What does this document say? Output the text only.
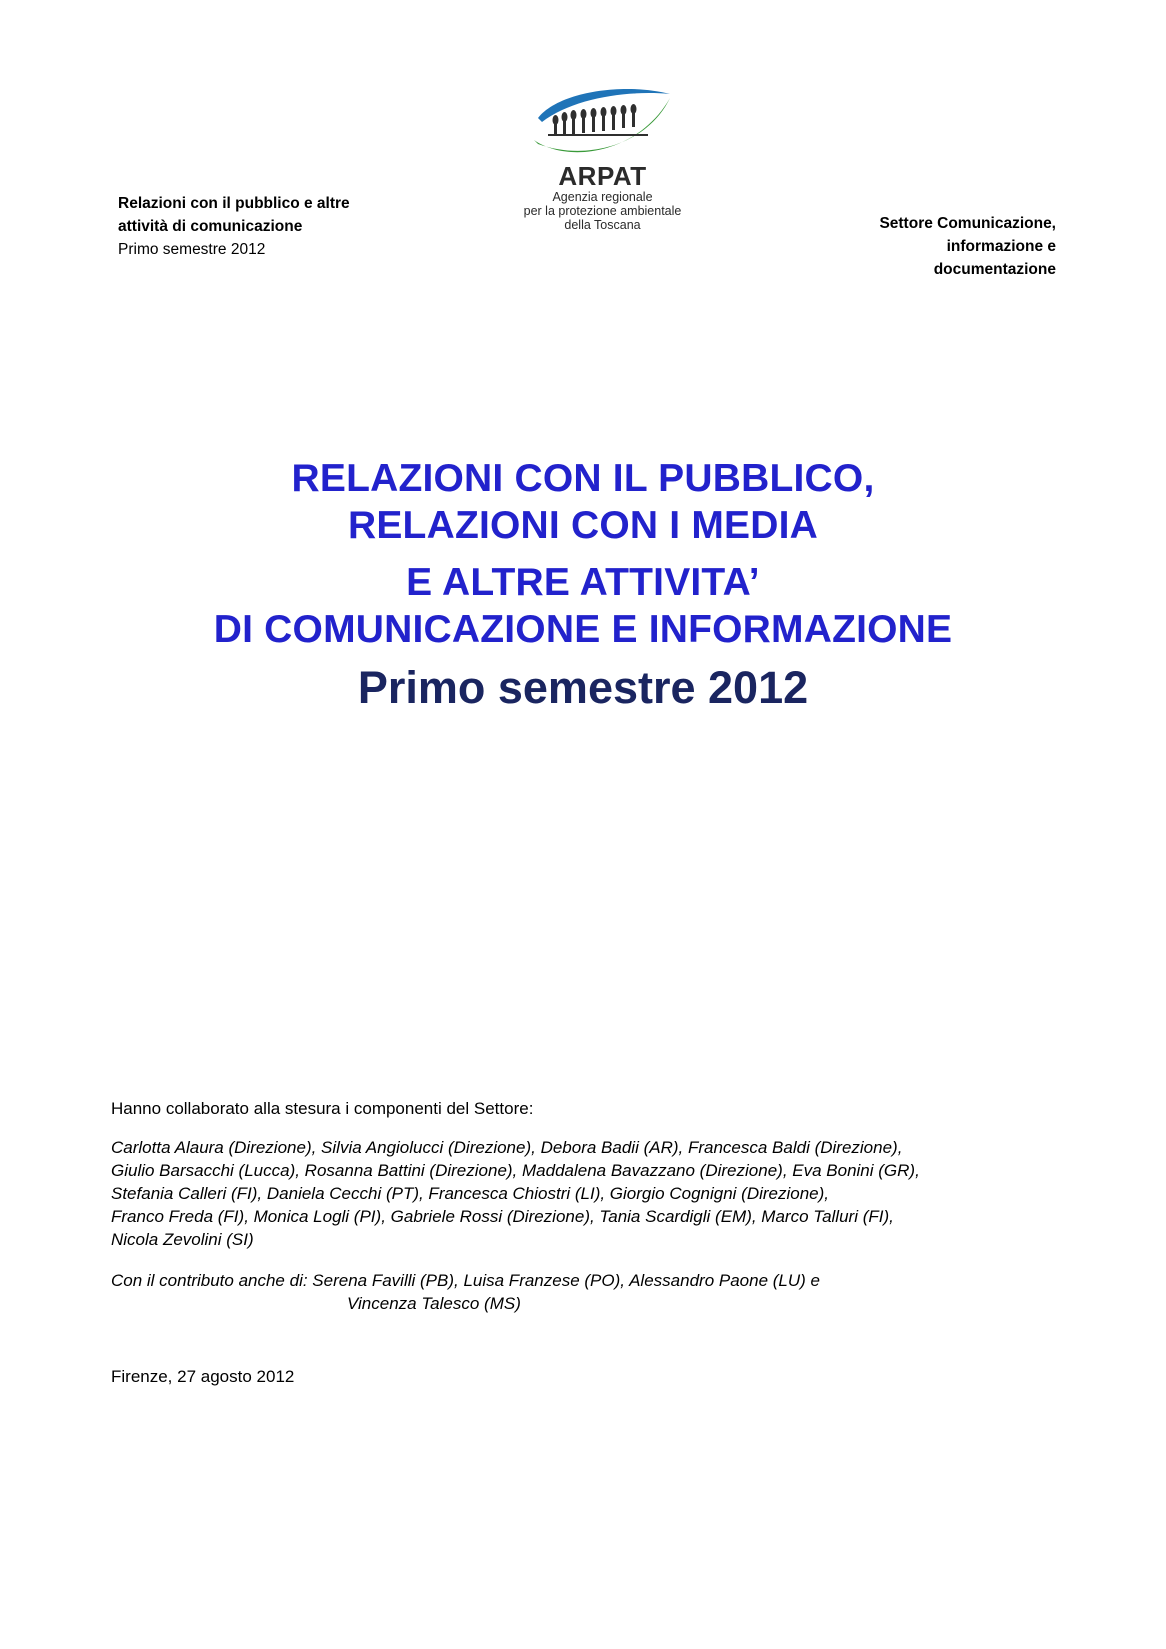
Relazioni con il pubblico e altre
attività di comunicazione
Primo semestre 2012
ARPAT
Agenzia regionale
per la protezione ambientale
della Toscana	Settore Comunicazione,
informazione e
documentazione

RELAZIONI CON IL PUBBLICO,

RELAZIONI CON I MEDIA

E ALTRE ATTIVITA’

DI COMUNICAZIONE E INFORMAZIONE

Primo semestre 2012

Hanno collaborato alla stesura i componenti del Settore:

Carlotta Alaura (Direzione), Silvia Angiolucci (Direzione), Debora Badii (AR), Francesca Baldi (Direzione),
Giulio Barsacchi (Lucca), Rosanna Battini (Direzione), Maddalena Bavazzano (Direzione), Eva Bonini (GR),
Stefania Calleri (FI), Daniela Cecchi (PT), Francesca Chiostri (LI), Giorgio Cognigni (Direzione),
Franco Freda (FI), Monica Logli (PI), Gabriele Rossi (Direzione), Tania Scardigli (EM), Marco Talluri (FI),
Nicola Zevolini (SI)
Con il contributo anche di: Serena Favilli (PB), Luisa Franzese (PO), Alessandro Paone (LU) e
Vincenza Talesco (MS)
Firenze, 27 agosto 2012
